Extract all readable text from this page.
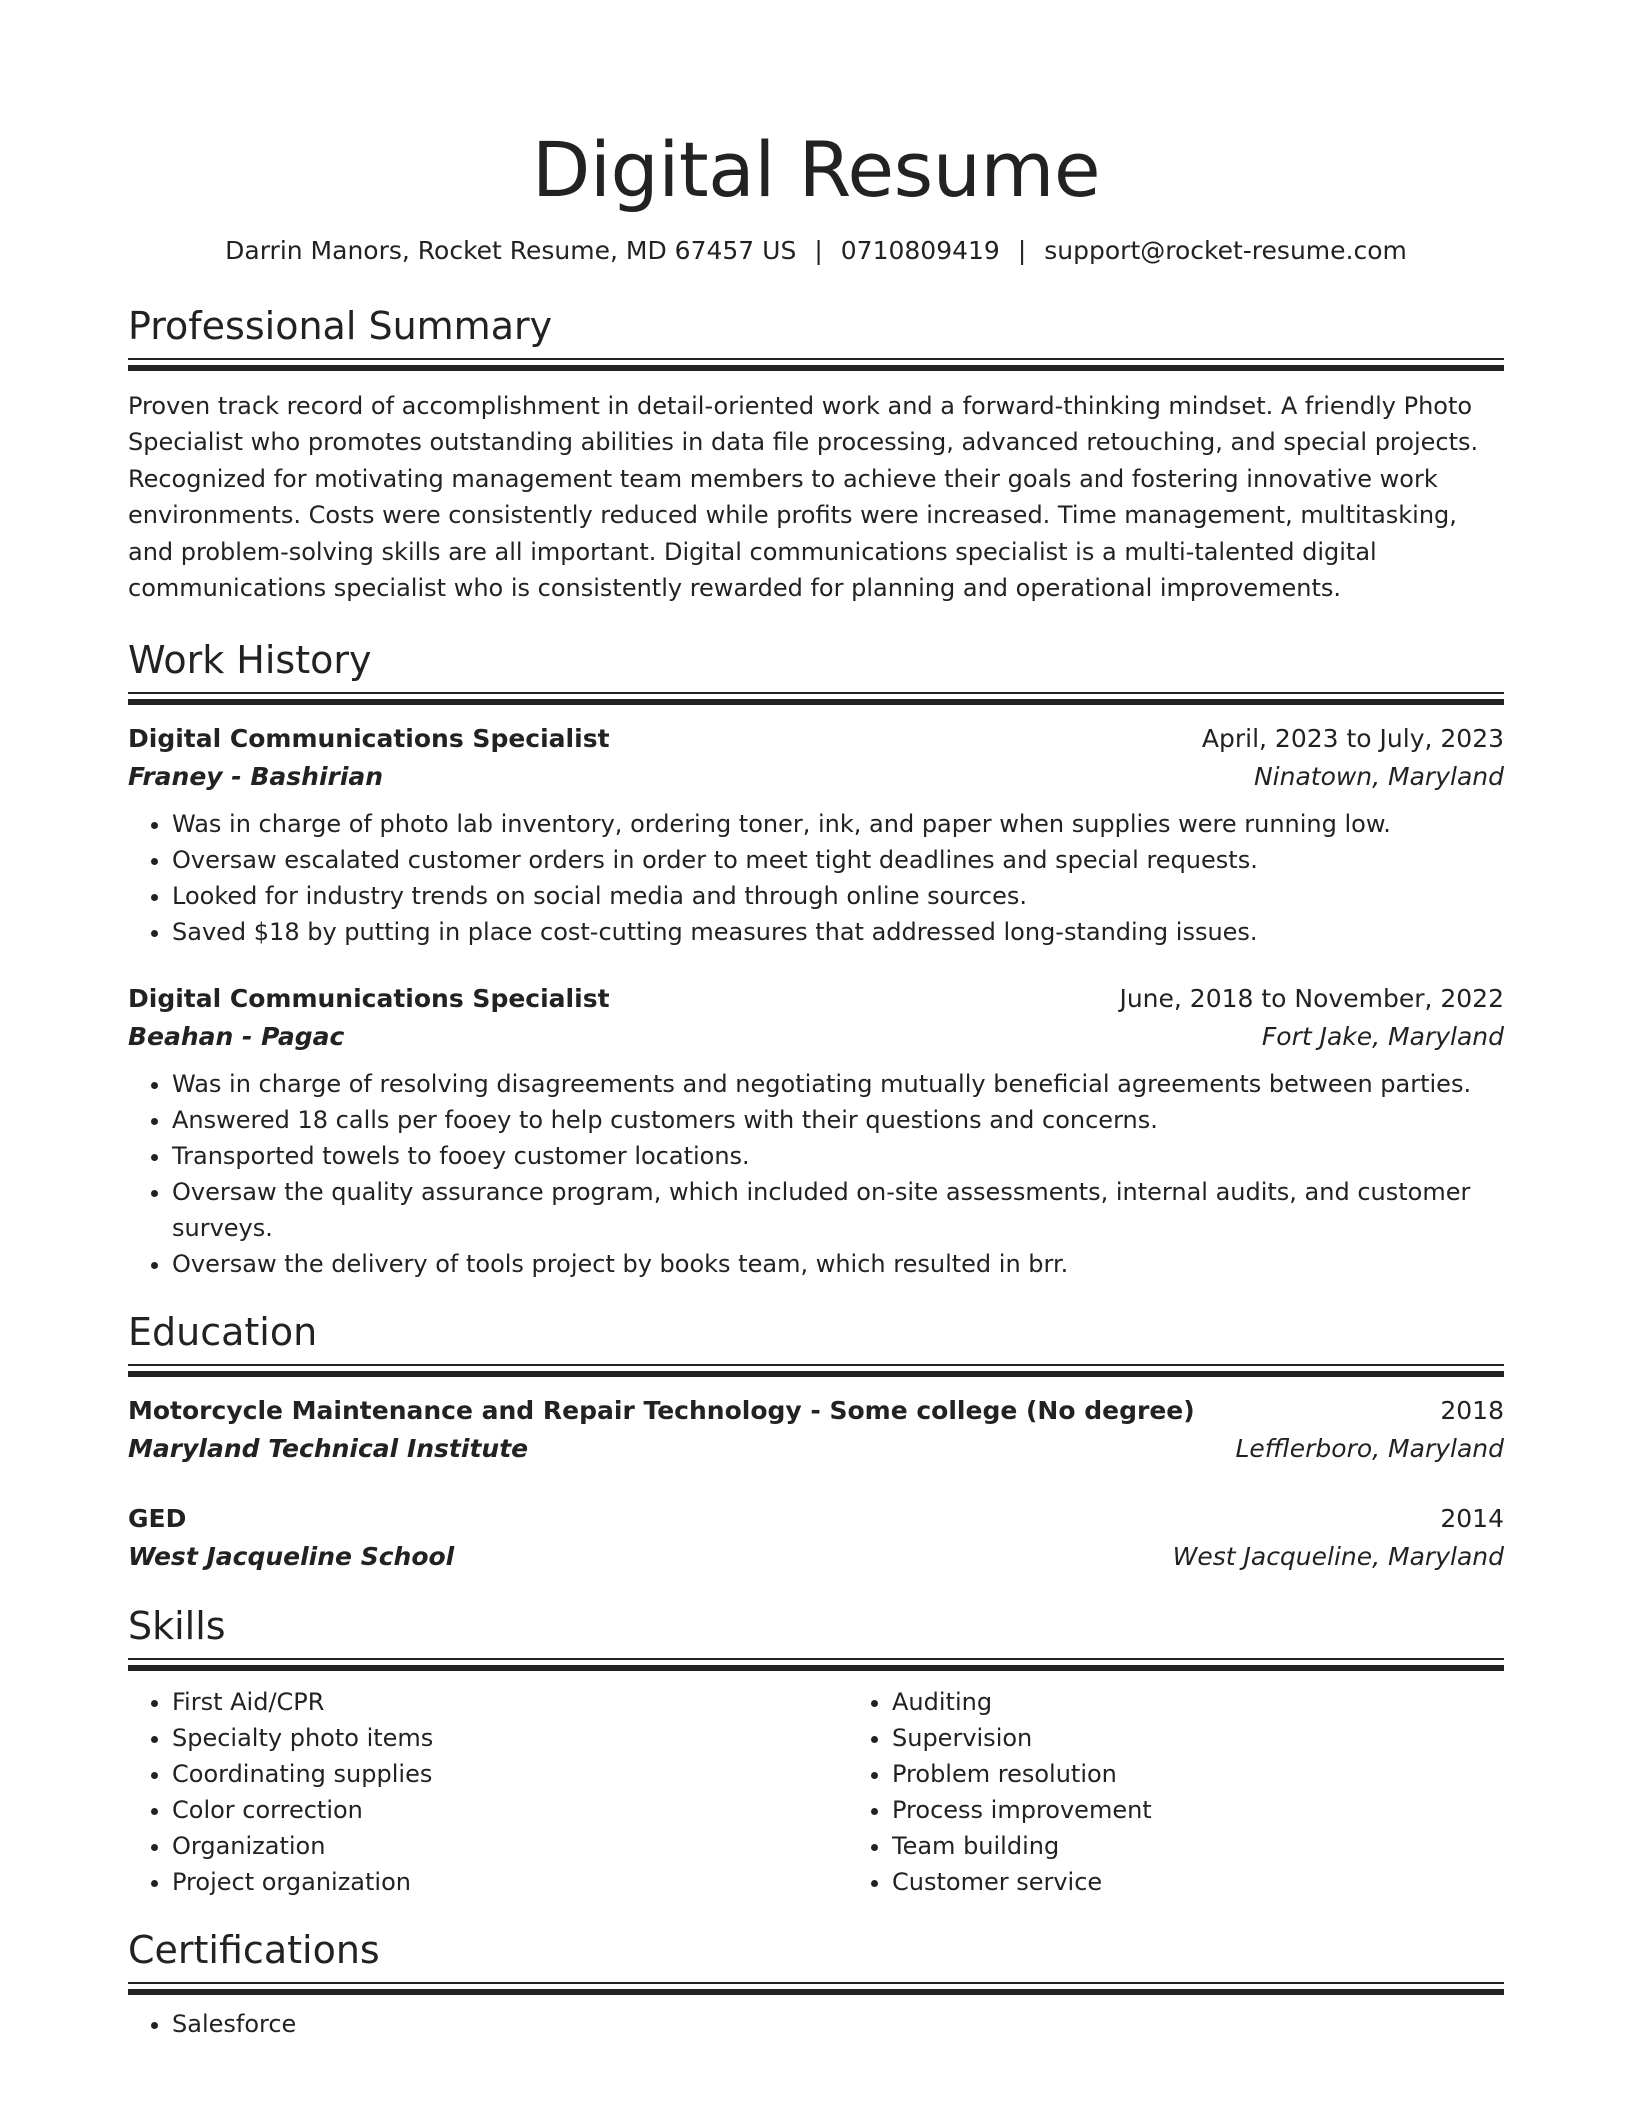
Digital Resume
Darrin Manors, Rocket Resume, MD 67457 US | 0710809419 | support@rocket-resume.com
Professional Summary
Proven track record of accomplishment in detail-oriented work and a forward-thinking mindset. A friendly Photo Specialist who promotes outstanding abilities in data file processing, advanced retouching, and special projects. Recognized for motivating management team members to achieve their goals and fostering innovative work environments. Costs were consistently reduced while profits were increased. Time management, multitasking, and problem-solving skills are all important. Digital communications specialist is a multi-talented digital communications specialist who is consistently rewarded for planning and operational improvements.
Work History
Digital Communications Specialist	April, 2023 to July, 2023
Franey - Bashirian	Ninatown, Maryland
• Was in charge of photo lab inventory, ordering toner, ink, and paper when supplies were running low.
• Oversaw escalated customer orders in order to meet tight deadlines and special requests.
• Looked for industry trends on social media and through online sources.
• Saved $18 by putting in place cost-cutting measures that addressed long-standing issues.
Digital Communications Specialist	June, 2018 to November, 2022
Beahan - Pagac	Fort Jake, Maryland
• Was in charge of resolving disagreements and negotiating mutually beneficial agreements between parties.
• Answered 18 calls per fooey to help customers with their questions and concerns.
• Transported towels to fooey customer locations.
• Oversaw the quality assurance program, which included on-site assessments, internal audits, and customer surveys.
• Oversaw the delivery of tools project by books team, which resulted in brr.
Education
Motorcycle Maintenance and Repair Technology - Some college (No degree)	2018
Maryland Technical Institute	Lefflerboro, Maryland
GED	2014
West Jacqueline School	West Jacqueline, Maryland
Skills
• First Aid/CPR
• Specialty photo items
• Coordinating supplies
• Color correction
• Organization
• Project organization
• Auditing
• Supervision
• Problem resolution
• Process improvement
• Team building
• Customer service
Certifications
• Salesforce
